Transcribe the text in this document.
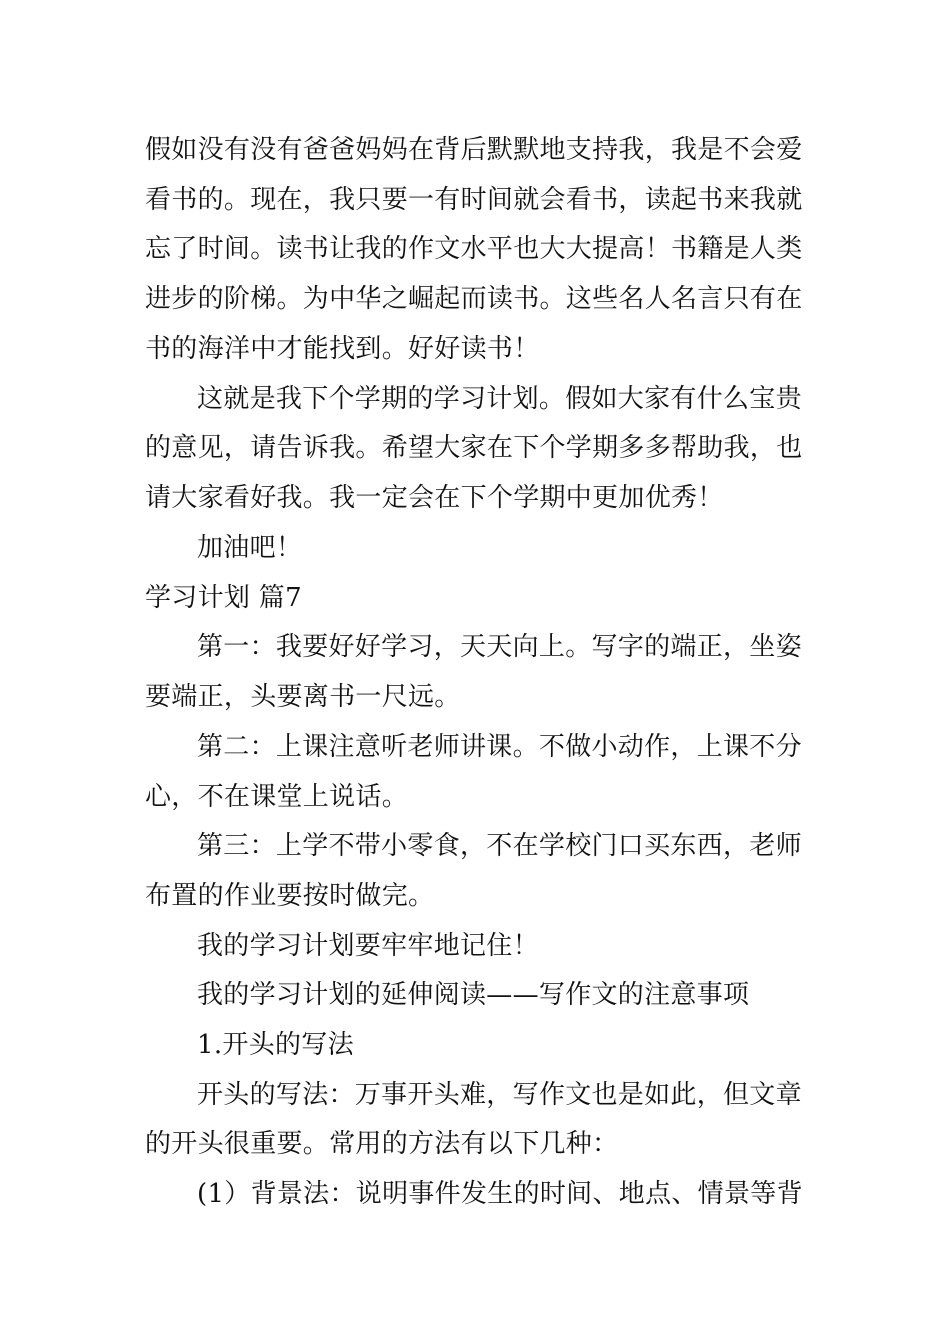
假如没有没有爸爸妈妈在背后默默地支持我，我是不会爱
看书的。现在，我只要一有时间就会看书，读起书来我就
忘了时间。读书让我的作文水平也大大提高！书籍是人类
进步的阶梯。为中华之崛起而读书。这些名人名言只有在
书的海洋中才能找到。好好读书！
这就是我下个学期的学习计划。假如大家有什么宝贵
的意见，请告诉我。希望大家在下个学期多多帮助我，也
请大家看好我。我一定会在下个学期中更加优秀！
加油吧！
学习计划 篇7
第一：我要好好学习，天天向上。写字的端正，坐姿
要端正，头要离书一尺远。
第二：上课注意听老师讲课。不做小动作，上课不分
心，不在课堂上说话。
第三：上学不带小零食，不在学校门口买东西，老师
布置的作业要按时做完。
我的学习计划要牢牢地记住！
我的学习计划的延伸阅读——写作文的注意事项
1.开头的写法
开头的写法：万事开头难，写作文也是如此，但文章
的开头很重要。常用的方法有以下几种：
(1）背景法：说明事件发生的时间、地点、情景等背
